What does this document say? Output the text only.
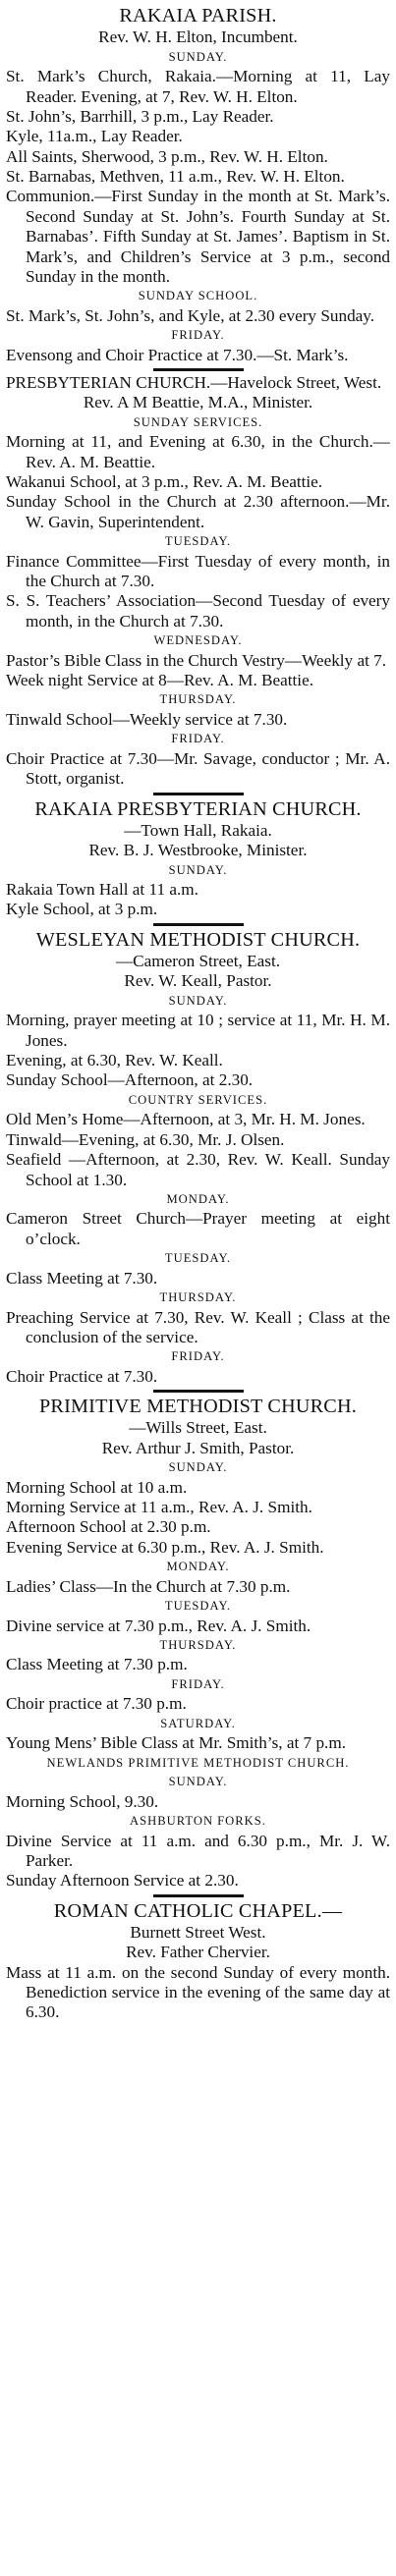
RAKAIA PARISH.

Rev. W. H. Elton, Incumbent.

SUNDAY.

St. Mark’s Church, Rakaia.—Morning at 11, Lay Reader. Evening, at 7, Rev. W. H. Elton.

St. John’s, Barrhill, 3 p.m., Lay Reader.

Kyle, 11a.m., Lay Reader.

All Saints, Sherwood, 3 p.m., Rev. W. H. Elton.

St. Barnabas, Methven, 11 a.m., Rev. W. H. Elton.

Communion.—First Sunday in the month at St. Mark’s. Second Sunday at St. John’s. Fourth Sunday at St. Barnabas’. Fifth Sunday at St. James’. Baptism in St. Mark’s, and Children’s Service at 3 p.m., second Sunday in the month.

SUNDAY SCHOOL.

St. Mark’s, St. John’s, and Kyle, at 2.30 every Sunday.

FRIDAY.

Evensong and Choir Practice at 7.30.—St. Mark’s.

PRESBYTERIAN CHURCH.—Havelock Street, West.

Rev. A M Beattie, M.A., Minister.

SUNDAY SERVICES.

Morning at 11, and Evening at 6.30, in the Church.—Rev. A. M. Beattie.

Wakanui School, at 3 p.m., Rev. A. M. Beattie.

Sunday School in the Church at 2.30 afternoon.—Mr. W. Gavin, Superintendent.

TUESDAY.

Finance Committee—First Tuesday of every month, in the Church at 7.30.

S. S. Teachers’ Association—Second Tuesday of every month, in the Church at 7.30.

WEDNESDAY.

Pastor’s Bible Class in the Church Vestry—Weekly at 7.

Week night Service at 8—Rev. A. M. Beattie.

THURSDAY.

Tinwald School—Weekly service at 7.30.

FRIDAY.

Choir Practice at 7.30—Mr. Savage, conductor ; Mr. A. Stott, organist.

RAKAIA PRESBYTERIAN CHURCH.

—Town Hall, Rakaia.

Rev. B. J. Westbrooke, Minister.

SUNDAY.

Rakaia Town Hall at 11 a.m.

Kyle School, at 3 p.m.

WESLEYAN METHODIST CHURCH.

—Cameron Street, East.

Rev. W. Keall, Pastor.

SUNDAY.

Morning, prayer meeting at 10 ; service at 11, Mr. H. M. Jones.

Evening, at 6.30, Rev. W. Keall.

Sunday School—Afternoon, at 2.30.

COUNTRY SERVICES.

Old Men’s Home—Afternoon, at 3, Mr. H. M. Jones.

Tinwald—Evening, at 6.30, Mr. J. Olsen.

Seafield —Afternoon, at 2.30, Rev. W. Keall. Sunday School at 1.30.

MONDAY.

Cameron Street Church—Prayer meeting at eight o’clock.

TUESDAY.

Class Meeting at 7.30.

THURSDAY.

Preaching Service at 7.30, Rev. W. Keall ; Class at the conclusion of the service.

FRIDAY.

Choir Practice at 7.30.

PRIMITIVE METHODIST CHURCH.

—Wills Street, East.

Rev. Arthur J. Smith, Pastor.

SUNDAY.

Morning School at 10 a.m.

Morning Service at 11 a.m., Rev. A. J. Smith.

Afternoon School at 2.30 p.m.

Evening Service at 6.30 p.m., Rev. A. J. Smith.

MONDAY.

Ladies’ Class—In the Church at 7.30 p.m.

TUESDAY.

Divine service at 7.30 p.m., Rev. A. J. Smith.

THURSDAY.

Class Meeting at 7.30 p.m.

FRIDAY.

Choir practice at 7.30 p.m.

SATURDAY.

Young Mens’ Bible Class at Mr. Smith’s, at 7 p.m.

NEWLANDS PRIMITIVE METHODIST CHURCH.

SUNDAY.

Morning School, 9.30.

ASHBURTON FORKS.

Divine Service at 11 a.m. and 6.30 p.m., Mr. J. W. Parker.

Sunday Afternoon Service at 2.30.

ROMAN CATHOLIC CHAPEL.—

Burnett Street West.

Rev. Father Chervier.

Mass at 11 a.m. on the second Sunday of every month. Benediction service in the evening of the same day at 6.30.
